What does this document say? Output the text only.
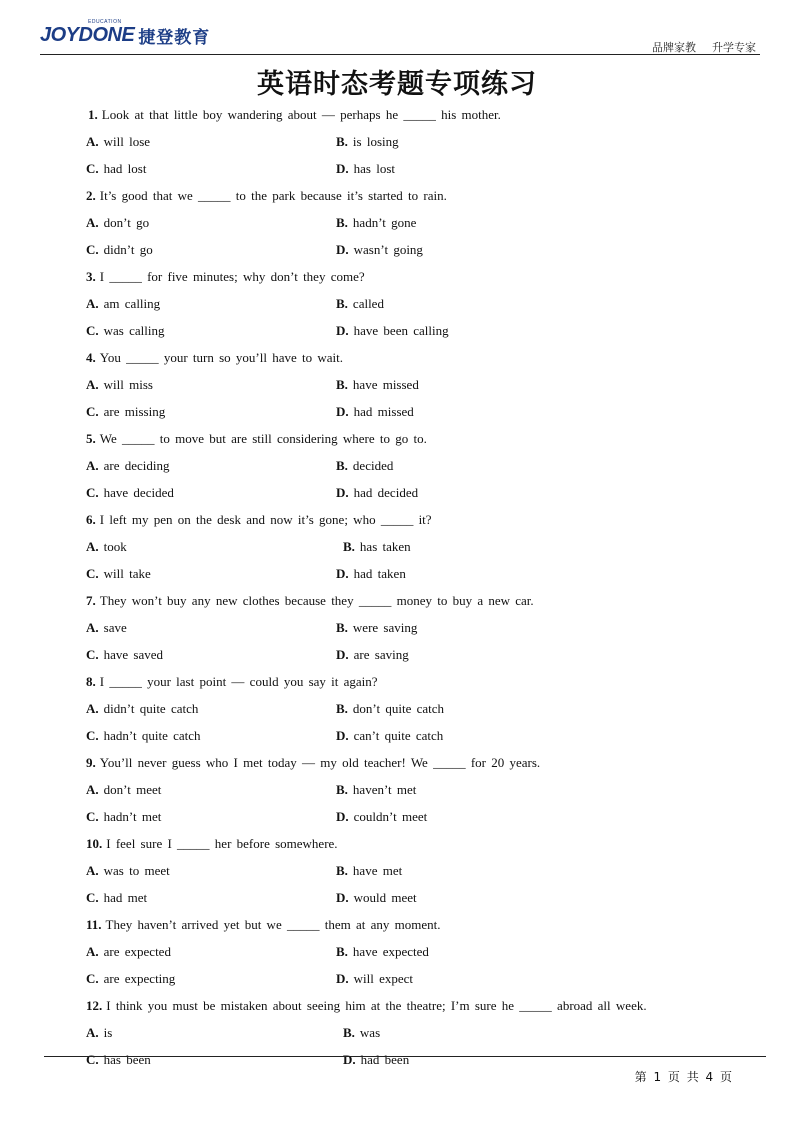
JOYDONE
EDUCATION
捷登教育	品牌家教 升学专家
英语时态考题专项练习
1. Look at that little boy wandering about — perhaps he _____ his mother.
A. will lose	B. is losing
C. had lost	D. has lost
2. It’s good that we _____ to the park because it’s started to rain.
A. don’t go	B. hadn’t gone
C. didn’t go	D. wasn’t going
3. I _____ for five minutes; why don’t they come?
A. am calling	B. called
C. was calling	D. have been calling
4. You _____ your turn so you’ll have to wait.
A. will miss	B. have missed
C. are missing	D. had missed
5. We _____ to move but are still considering where to go to.
A. are deciding	B. decided
C. have decided	D. had decided
6. I left my pen on the desk and now it’s gone; who _____ it?
A. took	B. has taken
C. will take	D. had taken
7. They won’t buy any new clothes because they _____ money to buy a new car.
A. save	B. were saving
C. have saved	D. are saving
8. I _____ your last point — could you say it again?
A. didn’t quite catch	B. don’t quite catch
C. hadn’t quite catch	D. can’t quite catch
9. You’ll never guess who I met today — my old teacher! We _____ for 20 years.
A. don’t meet	B. haven’t met
C. hadn’t met	D. couldn’t meet
10. I feel sure I _____ her before somewhere.
A. was to meet	B. have met
C. had met	D. would meet
11. They haven’t arrived yet but we _____ them at any moment.
A. are expected	B. have expected
C. are expecting	D. will expect
12. I think you must be mistaken about seeing him at the theatre; I’m sure he _____ abroad all week.
A. is	B. was
C. has been	D. had been
第 1 页 共 4 页
